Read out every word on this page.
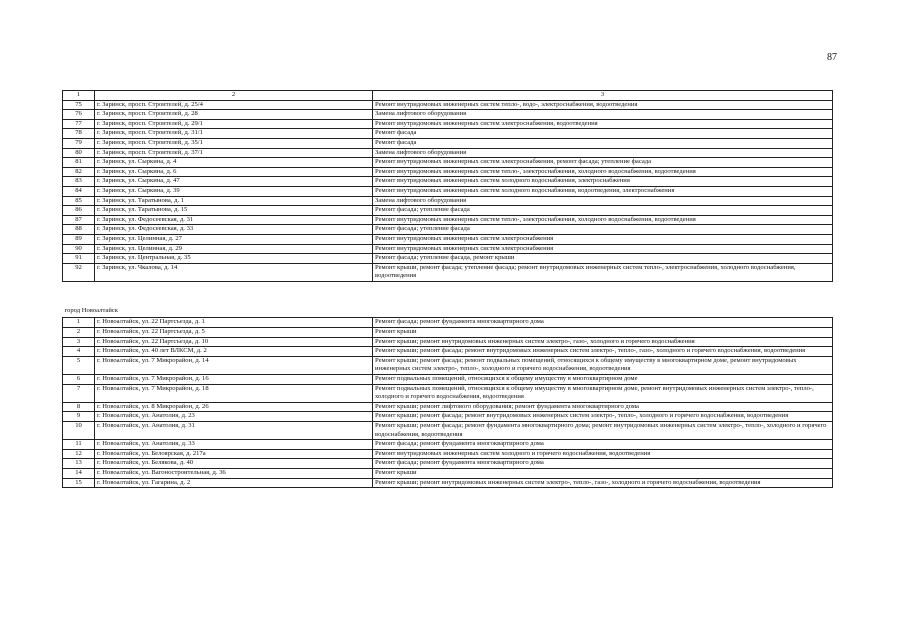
87
1	2	3
75	г. Заринск, просп. Строителей, д. 25/4	Ремонт внутридомовых инженерных систем тепло-, водо-, электроснабжения, водоотведения
76	г. Заринск, просп. Строителей, д. 28	Замена лифтового оборудования
77	г. Заринск, просп. Строителей, д. 29/1	Ремонт внутридомовых инженерных систем электроснабжения, водоотведения
78	г. Заринск, просп. Строителей, д. 31/1	Ремонт фасада
79	г. Заринск, просп. Строителей, д. 35/1	Ремонт фасада
80	г. Заринск, просп. Строителей, д. 37/1	Замена лифтового оборудования
81	г. Заринск, ул. Сыркина, д. 4	Ремонт внутридомовых инженерных систем электроснабжения, ремонт фасада; утепление фасада
82	г. Заринск, ул. Сыркина, д. 6	Ремонт внутридомовых инженерных систем тепло-, электроснабжения, холодного водоснабжения, водоотведения
83	г. Заринск, ул. Сыркина, д. 47	Ремонт внутридомовых инженерных систем холодного водоснабжения, электроснабжения
84	г. Заринск, ул. Сыркина, д. 39	Ремонт внутридомовых инженерных систем холодного водоснабжения, водоотведения, электроснабжения
85	г. Заринск, ул. Таратынова, д. 1	Замена лифтового оборудования
86	г. Заринск, ул. Таратынова, д. 15	Ремонт фасада; утепление фасада
87	г. Заринск, ул. Федосеевская, д. 31	Ремонт внутридомовых инженерных систем тепло-, электроснабжения, холодного водоснабжения, водоотведения
88	г. Заринск, ул. Федосеевская, д. 33	Ремонт фасада; утепление фасада
89	г. Заринск, ул. Целинная, д. 27	Ремонт внутридомовых инженерных систем электроснабжения
90	г. Заринск, ул. Целинная, д. 29	Ремонт внутридомовых инженерных систем электроснабжения
91	г. Заринск, ул. Центральная, д. 35	Ремонт фасада; утепление фасада, ремонт крыши
92	г. Заринск, ул. Чкалова, д. 14	Ремонт крыши, ремонт фасада; утепление фасада; ремонт внутридомовых инженерных систем тепло-, электроснабжения, холодного водоснабжения, водоотведения
город Новоалтайск		
1	г. Новоалтайск, ул. 22 Партсъезда, д. 1	Ремонт фасада; ремонт фундамента многоквартирного дома
2	г. Новоалтайск, ул. 22 Партсъезда, д. 5	Ремонт крыши
3	г. Новоалтайск, ул. 22 Партсъезда, д. 10	Ремонт крыши; ремонт внутридомовых инженерных систем электро-, газо-, холодного и горячего водоснабжения
4	г. Новоалтайск, ул. 40 лет ВЛКСМ, д. 2	Ремонт крыши; ремонт фасада; ремонт внутридомовых инженерных систем электро-, тепло-, газо-, холодного и горячего водоснабжения, водоотведения
5	г. Новоалтайск, ул. 7 Микрорайон, д. 14	Ремонт крыши; ремонт фасада; ремонт подвальных помещений, относящихся к общему имуществу в многоквартирном доме, ремонт внутридомовых инженерных систем электро-, тепло-, холодного и горячего водоснабжения, водоотведения
6	г. Новоалтайск, ул. 7 Микрорайон, д. 16	Ремонт подвальных помещений, относящихся к общему имуществу в многоквартирном доме
7	г. Новоалтайск, ул. 7 Микрорайон, д. 18	Ремонт подвальных помещений, относящихся к общему имуществу в многоквартирном доме, ремонт внутридомовых инженерных систем электро-, тепло-, холодного и горячего водоснабжения, водоотведения
8	г. Новоалтайск, ул. 8 Микрорайон, д. 26	Ремонт крыши; ремонт лифтового оборудования; ремонт фундамента многоквартирного дома
9	г. Новоалтайск, ул. Анатолия, д. 23	Ремонт крыши; ремонт фасада; ремонт внутридомовых инженерных систем электро-, тепло-, холодного и горячего водоснабжения, водоотведения
10	г. Новоалтайск, ул. Анатолия, д. 31	Ремонт крыши; ремонт фасада; ремонт фундамента многоквартирного дома; ремонт внутридомовых инженерных систем электро-, тепло-, холодного и горячего водоснабжения, водоотведения
11	г. Новоалтайск, ул. Анатолия, д. 33	Ремонт фасада; ремонт фундамента многоквартирного дома
12	г. Новоалтайск, ул. Белоярская, д. 217а	Ремонт внутридомовых инженерных систем холодного и горячего водоснабжения, водоотведения
13	г. Новоалтайск, ул. Белякова, д. 40	Ремонт фасада; ремонт фундамента многоквартирного дома
14	г. Новоалтайск, ул. Вагоностроительная, д. 36	Ремонт крыши
15	г. Новоалтайск, ул. Гагарина, д. 2	Ремонт крыши; ремонт внутридомовых инженерных систем электро-, тепло-, газо-, холодного и горячего водоснабжения, водоотведения
